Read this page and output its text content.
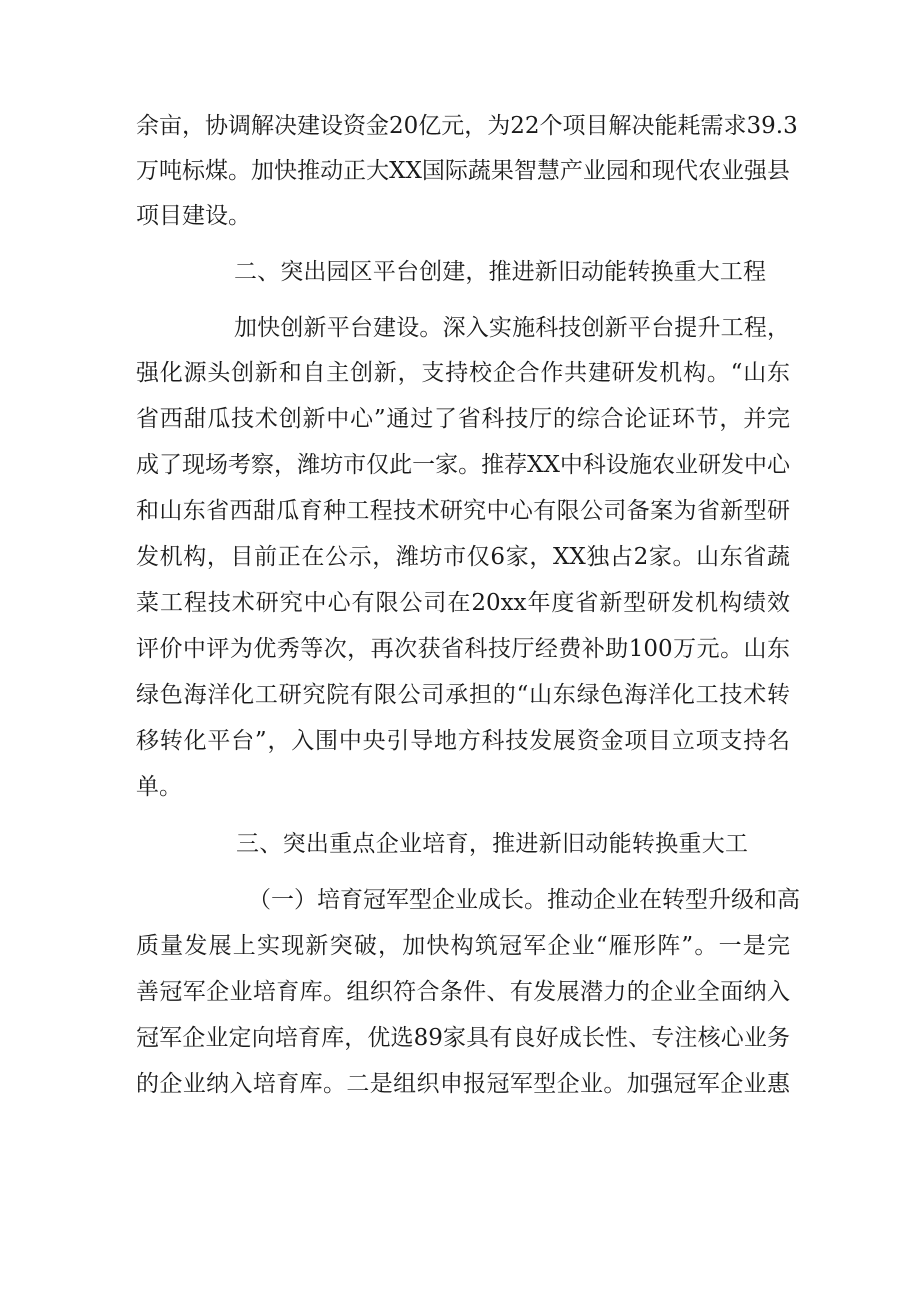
余亩，协调解决建设资金20亿元，为22个项目解决能耗需求39.3
万吨标煤。加快推动正大XX国际蔬果智慧产业园和现代农业强县
项目建设。
二、突出园区平台创建，推进新旧动能转换重大工程
加快创新平台建设。深入实施科技创新平台提升工程，
强化源头创新和自主创新，支持校企合作共建研发机构。“山东
省西甜瓜技术创新中心”通过了省科技厅的综合论证环节，并完
成了现场考察，潍坊市仅此一家。推荐XX中科设施农业研发中心
和山东省西甜瓜育种工程技术研究中心有限公司备案为省新型研
发机构，目前正在公示，潍坊市仅6家，XX独占2家。山东省蔬
菜工程技术研究中心有限公司在20xx年度省新型研发机构绩效
评价中评为优秀等次，再次获省科技厅经费补助100万元。山东
绿色海洋化工研究院有限公司承担的“山东绿色海洋化工技术转
移转化平台”，入围中央引导地方科技发展资金项目立项支持名
单。
三、突出重点企业培育，推进新旧动能转换重大工
（一）培育冠军型企业成长。推动企业在转型升级和高
质量发展上实现新突破，加快构筑冠军企业“雁形阵”。一是完
善冠军企业培育库。组织符合条件、有发展潜力的企业全面纳入
冠军企业定向培育库，优选89家具有良好成长性、专注核心业务
的企业纳入培育库。二是组织申报冠军型企业。加强冠军企业惠
